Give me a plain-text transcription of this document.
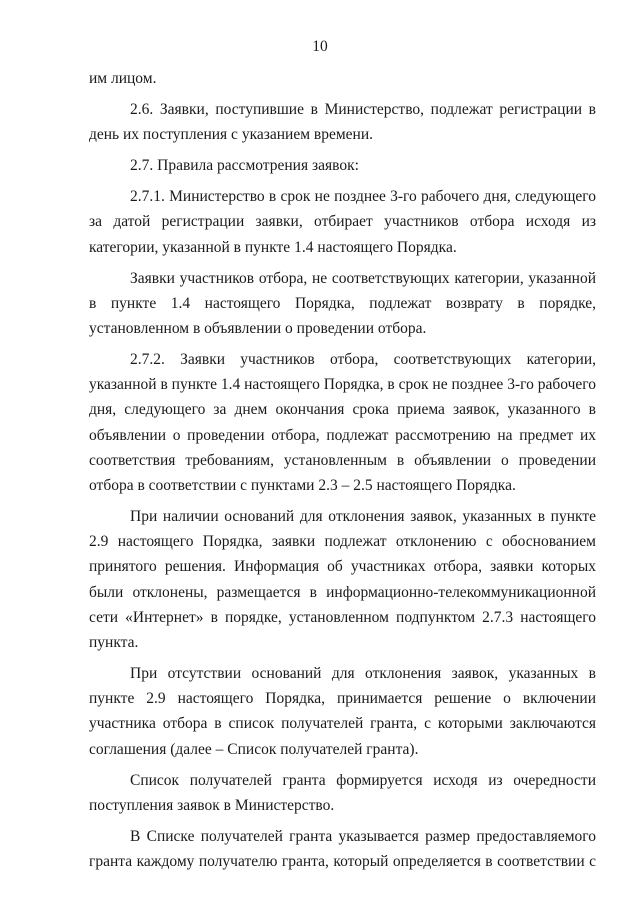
10

им лицом.

2.6. Заявки, поступившие в Министерство, подлежат регистрации в день их поступления с указанием времени.

2.7. Правила рассмотрения заявок:

2.7.1. Министерство в срок не позднее 3-го рабочего дня, следующего за датой регистрации заявки, отбирает участников отбора исходя из категории, указанной в пункте 1.4 настоящего Порядка.

Заявки участников отбора, не соответствующих категории, указанной в пункте 1.4 настоящего Порядка, подлежат возврату в порядке, установленном в объявлении о проведении отбора.

2.7.2. Заявки участников отбора, соответствующих категории, указанной в пункте 1.4 настоящего Порядка, в срок не позднее 3-го рабочего дня, следующего за днем окончания срока приема заявок, указанного в объявлении о проведении отбора, подлежат рассмотрению на предмет их соответствия требованиям, установленным в объявлении о проведении отбора в соответствии с пунктами 2.3 – 2.5 настоящего Порядка.

При наличии оснований для отклонения заявок, указанных в пункте 2.9 настоящего Порядка, заявки подлежат отклонению с обоснованием принятого решения. Информация об участниках отбора, заявки которых были отклонены, размещается в информационно-телекоммуникационной сети «Интернет» в порядке, установленном подпунктом 2.7.3 настоящего пункта.

При отсутствии оснований для отклонения заявок, указанных в пункте 2.9 настоящего Порядка, принимается решение о включении участника отбора в список получателей гранта, с которыми заключаются соглашения (далее – Список получателей гранта).

Список получателей гранта формируется исходя из очередности поступления заявок в Министерство.

В Списке получателей гранта указывается размер предоставляемого гранта каждому получателю гранта, который определяется в соответствии с
